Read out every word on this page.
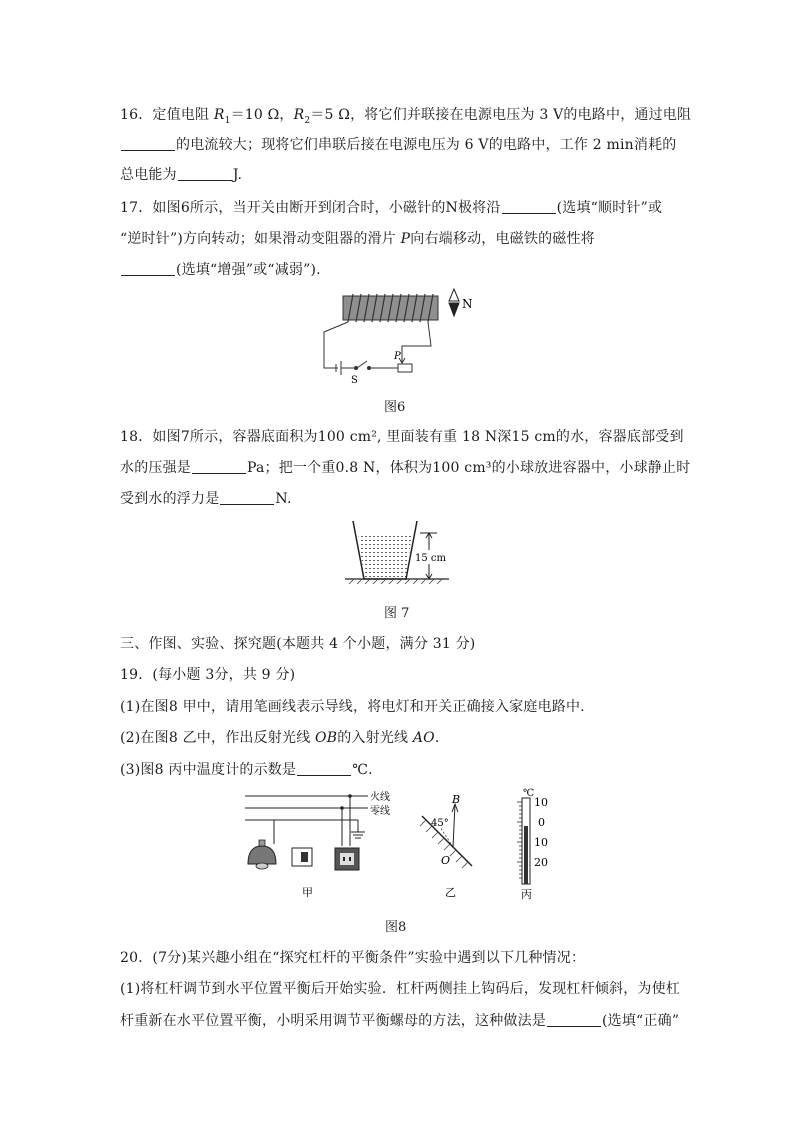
16．定值电阻 $R_1=10$ Ω，$R_2=5$ Ω，将它们并联接在电源电压为 3 V的电路中，通过电阻
的电流较大；现将它们串联后接在电源电压为 6 V的电路中，工作 2 min消耗的
总电能为	J.
17．如图6所示，当开关由断开到闭合时，小磁针的N极将沿	(选填“顺时针”或
“逆时针”)方向转动；如果滑动变阻器的滑片 P向右端移动，电磁铁的磁性将
(选填“增强”或“减弱”).
S
P
N
图6
18．如图7所示，容器底面积为100 cm², 里面装有重 18 N深15 cm的水，容器底部受到
水的压强是	Pa；把一个重0.8 N，体积为100 cm³的小球放进容器中，小球静止时
受到水的浮力是	N.
15 cm
图 7
三、作图、实验、探究题(本题共 4 个小题，满分 31 分)
19．(每小题 3分，共 9 分)
(1)在图8 甲中，请用笔画线表示导线，将电灯和开关正确接入家庭电路中.
(2)在图8 乙中，作出反射光线 OB的入射光线 AO.
(3)图8 丙中温度计的示数是	℃.
火线
零线
甲
B
45°
O
乙
℃
10
0
10
20
丙
图8
20．(7分)某兴趣小组在“探究杠杆的平衡条件”实验中遇到以下几种情况：
(1)将杠杆调节到水平位置平衡后开始实验．杠杆两侧挂上钩码后，发现杠杆倾斜，为使杠
杆重新在水平位置平衡，小明采用调节平衡螺母的方法，这种做法是	(选填“正确”
